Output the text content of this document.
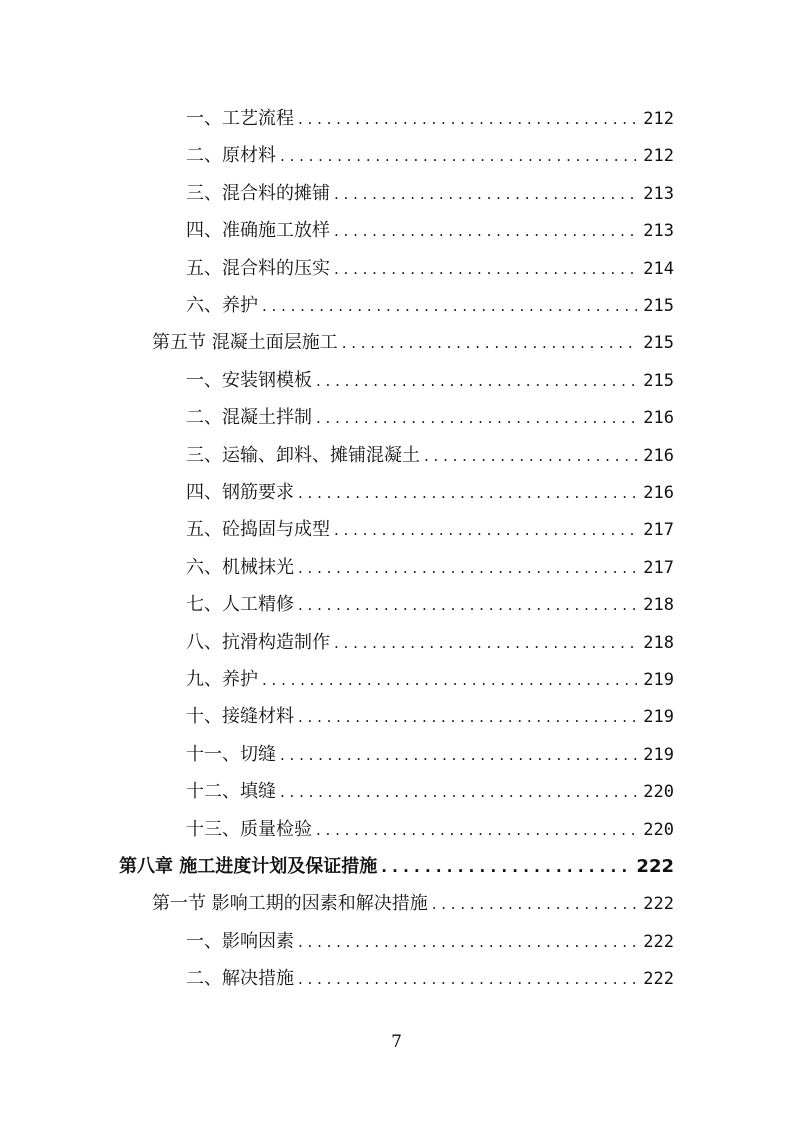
一、工艺流程 . . .	212
二、原材料 . . .	212
三、混合料的摊铺 . . .	213
四、准确施工放样 . . .	213
五、混合料的压实 . . .	214
六、养护 . . .	215
第五节 混凝土面层施工 . . .	215
一、安装钢模板 . . .	215
二、混凝土拌制 . . .	216
三、运输、卸料、摊铺混凝土 . . .	216
四、钢筋要求 . . .	216
五、砼捣固与成型 . . .	217
六、机械抹光 . . .	217
七、人工精修 . . .	218
八、抗滑构造制作 . . .	218
九、养护 . . .	219
十、接缝材料 . . .	219
十一、切缝 . . .	219
十二、填缝 . . .	220
十三、质量检验 . . .	220
第八章 施工进度计划及保证措施 . . .	222
第一节 影响工期的因素和解决措施 . . .	222
一、影响因素 . . .	222
二、解决措施 . . .	222
7
